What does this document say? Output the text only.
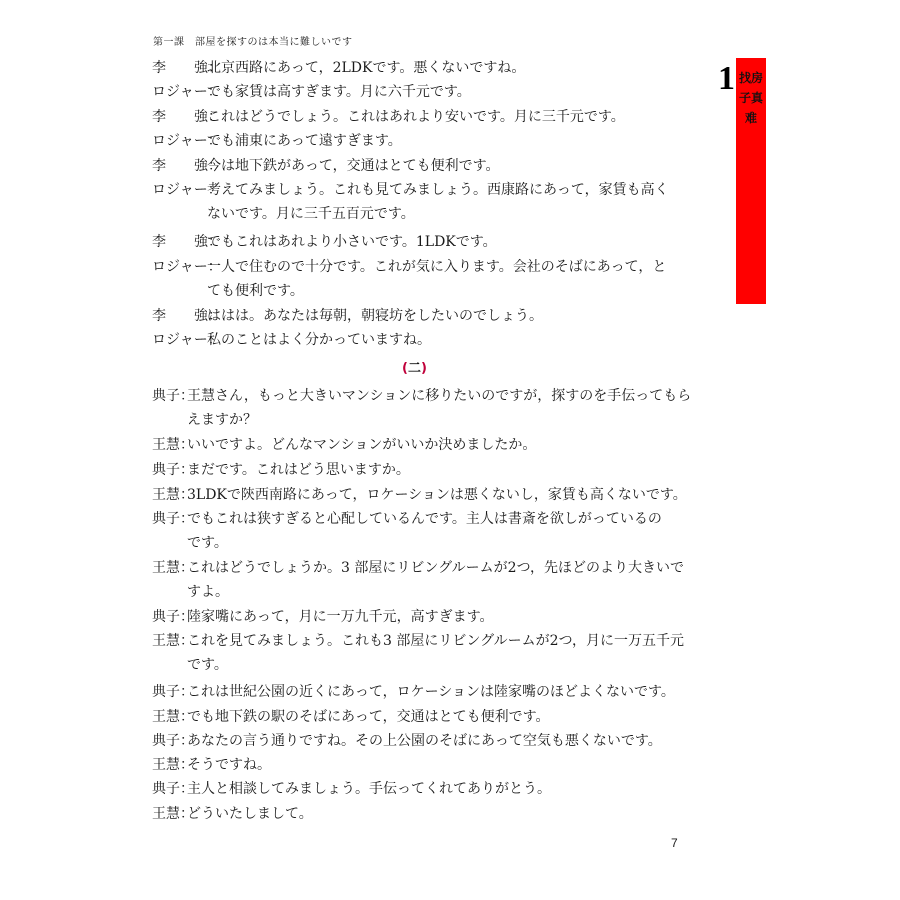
第一課　部屋を探すのは本当に難しいです
1 找房子真难
李　　強：
北京西路にあって，2LDKです。悪くないですね。
ロジャー：
でも家賃は高すぎます。月に六千元です。
李　　強：
これはどうでしょう。これはあれより安いです。月に三千元です。
ロジャー：
でも浦東にあって遠すぎます。
李　　強：
今は地下鉄があって，交通はとても便利です。
ロジャー：
考えてみましょう。これも見てみましょう。西康路にあって，家賃も高く
ないです。月に三千五百元です。
李　　強：
でもこれはあれより小さいです。1LDKです。
ロジャー：
一人で住むので十分です。これが気に入ります。会社のそばにあって，と
ても便利です。
李　　強：
ははは。あなたは毎朝，朝寝坊をしたいのでしょう。
ロジャー：
私のことはよく分かっていますね。
(二)
典子：
王慧さん，もっと大きいマンションに移りたいのですが，探すのを手伝ってもら
えますか？
王慧：
いいですよ。どんなマンションがいいか決めましたか。
典子：
まだです。これはどう思いますか。
王慧：
3LDKで陝西南路にあって，ロケーションは悪くないし，家賃も高くないです。
典子：
でもこれは狭すぎると心配しているんです。主人は書斎を欲しがっているの
です。
王慧：
これはどうでしょうか。3 部屋にリビングルームが2つ，先ほどのより大きいで
すよ。
典子：
陸家嘴にあって，月に一万九千元，高すぎます。
王慧：
これを見てみましょう。これも3 部屋にリビングルームが2つ，月に一万五千元
です。
典子：
これは世紀公園の近くにあって，ロケーションは陸家嘴のほどよくないです。
王慧：
でも地下鉄の駅のそばにあって，交通はとても便利です。
典子：
あなたの言う通りですね。その上公園のそばにあって空気も悪くないです。
王慧：
そうですね。
典子：
主人と相談してみましょう。手伝ってくれてありがとう。
王慧：
どういたしまして。
7
